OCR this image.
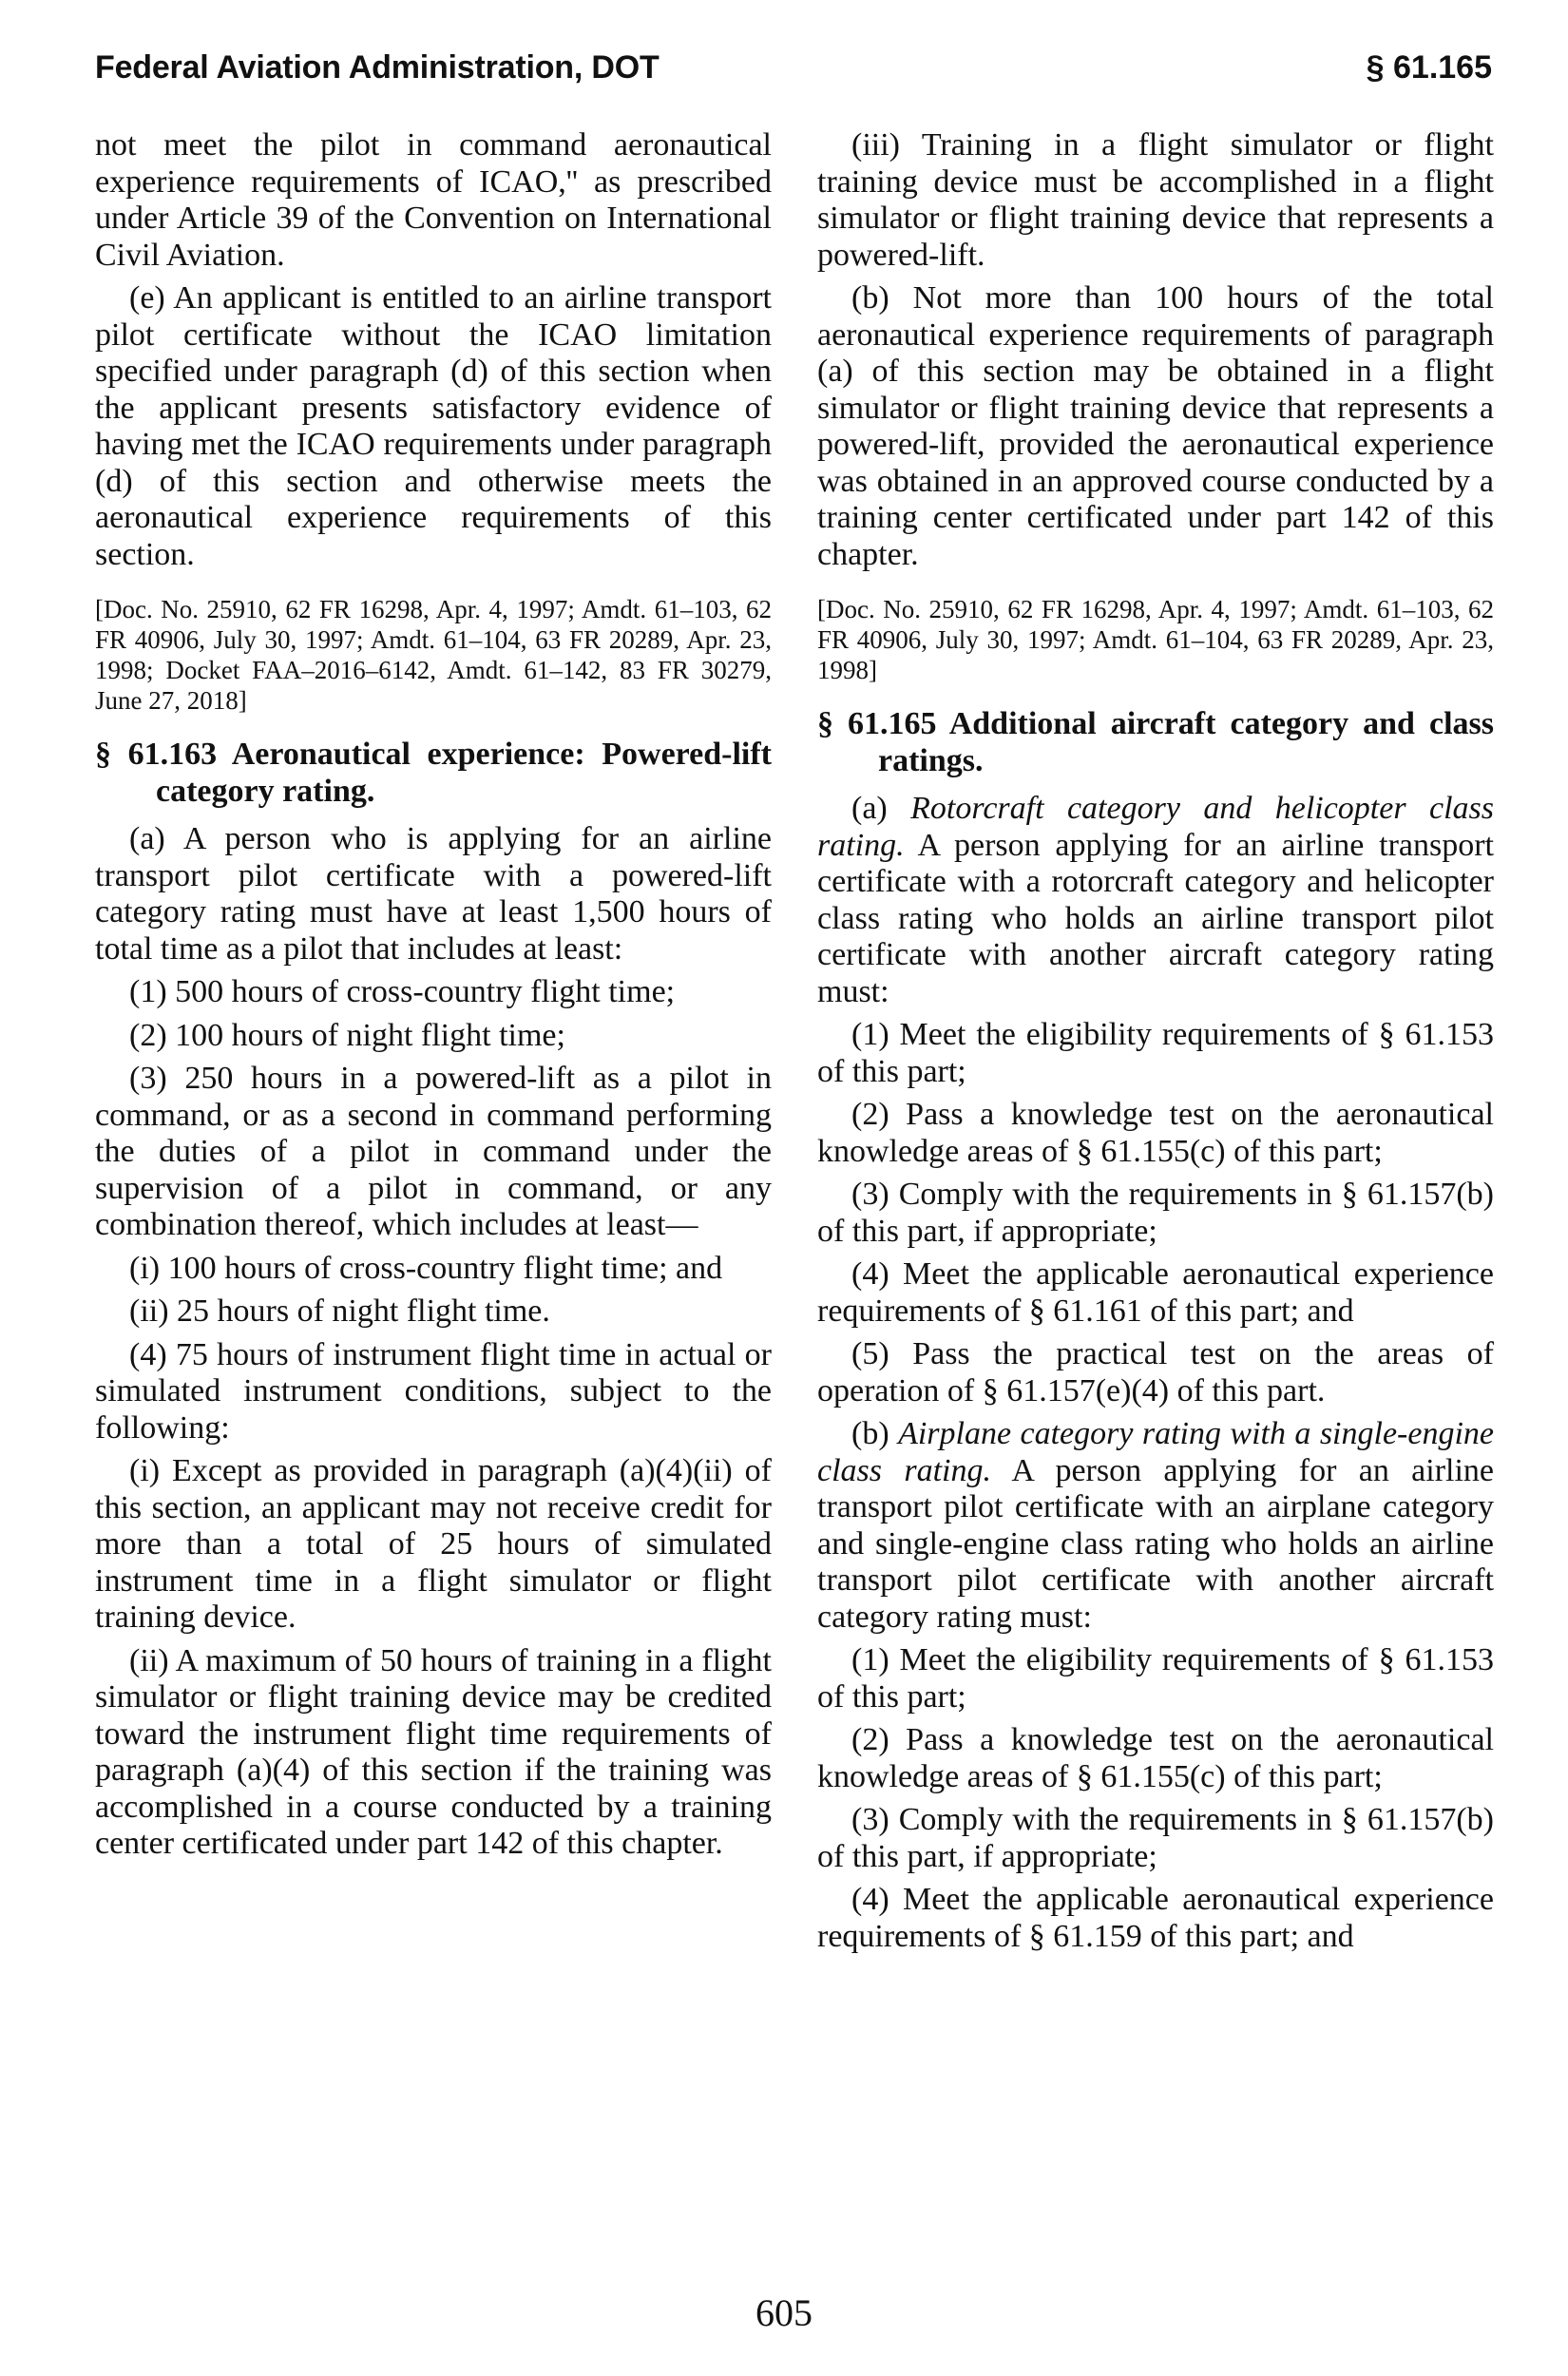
Federal Aviation Administration, DOT	§ 61.165

not meet the pilot in command aeronautical experience requirements of ICAO,'' as prescribed under Article 39 of the Convention on International Civil Aviation.

(e) An applicant is entitled to an airline transport pilot certificate without the ICAO limitation specified under paragraph (d) of this section when the applicant presents satisfactory evidence of having met the ICAO requirements under paragraph (d) of this section and otherwise meets the aeronautical experience requirements of this section.

[Doc. No. 25910, 62 FR 16298, Apr. 4, 1997; Amdt. 61–103, 62 FR 40906, July 30, 1997; Amdt. 61–104, 63 FR 20289, Apr. 23, 1998; Docket FAA–2016–6142, Amdt. 61–142, 83 FR 30279, June 27, 2018]

§ 61.163 Aeronautical experience: Powered-lift category rating.

(a) A person who is applying for an airline transport pilot certificate with a powered-lift category rating must have at least 1,500 hours of total time as a pilot that includes at least:

(1) 500 hours of cross-country flight time;

(2) 100 hours of night flight time;

(3) 250 hours in a powered-lift as a pilot in command, or as a second in command performing the duties of a pilot in command under the supervision of a pilot in command, or any combination thereof, which includes at least—

(i) 100 hours of cross-country flight time; and

(ii) 25 hours of night flight time.

(4) 75 hours of instrument flight time in actual or simulated instrument conditions, subject to the following:

(i) Except as provided in paragraph (a)(4)(ii) of this section, an applicant may not receive credit for more than a total of 25 hours of simulated instrument time in a flight simulator or flight training device.

(ii) A maximum of 50 hours of training in a flight simulator or flight training device may be credited toward the instrument flight time requirements of paragraph (a)(4) of this section if the training was accomplished in a course conducted by a training center certificated under part 142 of this chapter.

(iii) Training in a flight simulator or flight training device must be accomplished in a flight simulator or flight training device that represents a powered-lift.

(b) Not more than 100 hours of the total aeronautical experience requirements of paragraph (a) of this section may be obtained in a flight simulator or flight training device that represents a powered-lift, provided the aeronautical experience was obtained in an approved course conducted by a training center certificated under part 142 of this chapter.

[Doc. No. 25910, 62 FR 16298, Apr. 4, 1997; Amdt. 61–103, 62 FR 40906, July 30, 1997; Amdt. 61–104, 63 FR 20289, Apr. 23, 1998]

§ 61.165 Additional aircraft category and class ratings.

(a) Rotorcraft category and helicopter class rating. A person applying for an airline transport certificate with a rotorcraft category and helicopter class rating who holds an airline transport pilot certificate with another aircraft category rating must:

(1) Meet the eligibility requirements of § 61.153 of this part;

(2) Pass a knowledge test on the aeronautical knowledge areas of § 61.155(c) of this part;

(3) Comply with the requirements in § 61.157(b) of this part, if appropriate;

(4) Meet the applicable aeronautical experience requirements of § 61.161 of this part; and

(5) Pass the practical test on the areas of operation of § 61.157(e)(4) of this part.

(b) Airplane category rating with a single-engine class rating. A person applying for an airline transport pilot certificate with an airplane category and single-engine class rating who holds an airline transport pilot certificate with another aircraft category rating must:

(1) Meet the eligibility requirements of § 61.153 of this part;

(2) Pass a knowledge test on the aeronautical knowledge areas of § 61.155(c) of this part;

(3) Comply with the requirements in § 61.157(b) of this part, if appropriate;

(4) Meet the applicable aeronautical experience requirements of § 61.159 of this part; and

605
